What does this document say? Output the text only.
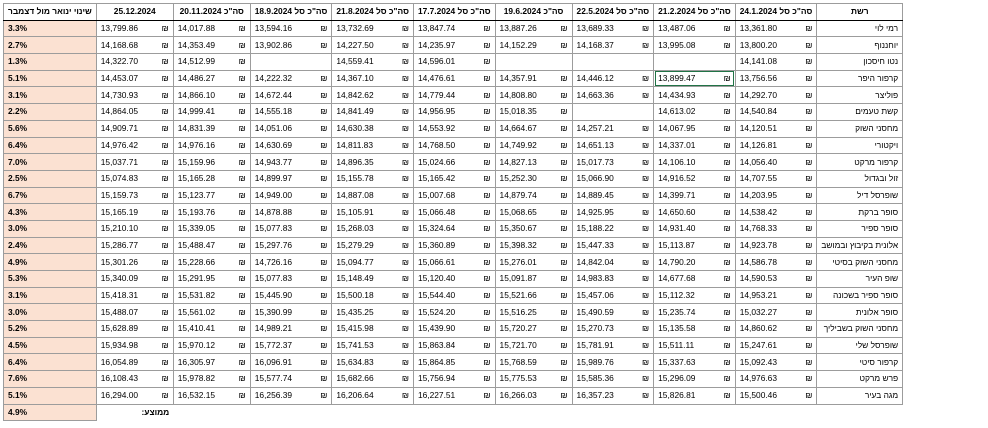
שינוי ינואר מול דצמבר	25.12.2024	סה"כ 20.11.2024	סה"כ סל 18.9.2024	סה"כ סל 21.8.2024	סה"כ סל 17.7.2024	סה"כ 19.6.2024	סה"כ סל 22.5.2024	סה"כ סל 21.2.2024	סה"כ סל 24.1.2024	רשת
3.3%	13,799.86 ₪	14,017.88 ₪	13,594.16 ₪	13,732.69 ₪	13,847.74 ₪	13,887.26 ₪	13,689.33 ₪	13,487.06 ₪	13,361.80 ₪	רמי לוי
2.7%	14,168.68 ₪	14,353.49 ₪	13,902.86 ₪	14,227.50 ₪	14,235.97 ₪	14,152.29 ₪	14,168.37 ₪	13,995.08 ₪	13,800.20 ₪	יוחננוף
1.3%	14,322.70 ₪	14,512.99 ₪		14,559.41 ₪	14,596.01 ₪				14,141.08 ₪	נטו חיסכון
5.1%	14,453.07 ₪	14,486.27 ₪	14,222.32 ₪	14,367.10 ₪	14,476.61 ₪	14,357.91 ₪	14,446.12 ₪	13,899.47 ₪	13,756.56 ₪	קרפור היפר
3.1%	14,730.93 ₪	14,866.10 ₪	14,672.44 ₪	14,842.62 ₪	14,779.44 ₪	14,808.80 ₪	14,663.36 ₪	14,434.93 ₪	14,292.70 ₪	פוליצר
2.2%	14,864.05 ₪	14,999.41 ₪	14,555.18 ₪	14,841.49 ₪	14,956.95 ₪	15,018.35 ₪		14,613.02 ₪	14,540.84 ₪	קשת טעמים
5.6%	14,909.71 ₪	14,831.39 ₪	14,051.06 ₪	14,630.38 ₪	14,553.92 ₪	14,664.67 ₪	14,257.21 ₪	14,067.95 ₪	14,120.51 ₪	מחסני השוק
6.4%	14,976.42 ₪	14,976.16 ₪	14,630.69 ₪	14,811.83 ₪	14,768.50 ₪	14,749.92 ₪	14,651.13 ₪	14,337.01 ₪	14,126.81 ₪	ויקטורי
7.0%	15,037.71 ₪	15,159.96 ₪	14,943.77 ₪	14,896.35 ₪	15,024.66 ₪	14,827.13 ₪	15,017.73 ₪	14,106.10 ₪	14,056.40 ₪	קרפור מרקט
2.5%	15,074.83 ₪	15,165.28 ₪	14,899.97 ₪	15,155.78 ₪	15,165.42 ₪	15,252.30 ₪	15,066.90 ₪	14,916.52 ₪	14,707.55 ₪	זול ובגדול
6.7%	15,159.73 ₪	15,123.77 ₪	14,949.00 ₪	14,887.08 ₪	15,007.68 ₪	14,879.74 ₪	14,889.45 ₪	14,399.71 ₪	14,203.95 ₪	שופרסל דיל
4.3%	15,165.19 ₪	15,193.76 ₪	14,878.88 ₪	15,105.91 ₪	15,066.48 ₪	15,068.65 ₪	14,925.95 ₪	14,650.60 ₪	14,538.42 ₪	סופר ברקת
3.0%	15,210.10 ₪	15,339.05 ₪	15,077.83 ₪	15,268.03 ₪	15,324.64 ₪	15,350.67 ₪	15,188.22 ₪	14,931.40 ₪	14,768.33 ₪	סופר ספיר
2.4%	15,286.77 ₪	15,488.47 ₪	15,297.76 ₪	15,279.29 ₪	15,360.89 ₪	15,398.32 ₪	15,447.33 ₪	15,113.87 ₪	14,923.78 ₪	אלונית בקיבוץ ובמושב
4.9%	15,301.26 ₪	15,228.66 ₪	14,726.16 ₪	15,094.77 ₪	15,066.61 ₪	15,276.01 ₪	14,842.04 ₪	14,790.20 ₪	14,586.78 ₪	מחסני השוק בסיטי
5.3%	15,340.09 ₪	15,291.95 ₪	15,077.83 ₪	15,148.49 ₪	15,120.40 ₪	15,091.87 ₪	14,983.83 ₪	14,677.68 ₪	14,590.53 ₪	שופ העיר
3.1%	15,418.31 ₪	15,531.82 ₪	15,445.90 ₪	15,500.18 ₪	15,544.40 ₪	15,521.66 ₪	15,457.06 ₪	15,112.32 ₪	14,953.21 ₪	סופר ספיר בשכונה
3.0%	15,488.07 ₪	15,561.02 ₪	15,390.99 ₪	15,435.25 ₪	15,524.20 ₪	15,516.25 ₪	15,490.59 ₪	15,235.74 ₪	15,032.27 ₪	סופר אלונית
5.2%	15,628.89 ₪	15,410.41 ₪	14,989.21 ₪	15,415.98 ₪	15,439.90 ₪	15,720.27 ₪	15,270.73 ₪	15,135.58 ₪	14,860.62 ₪	מחסני השוק בשביליך
4.5%	15,934.98 ₪	15,970.12 ₪	15,772.37 ₪	15,741.53 ₪	15,863.84 ₪	15,721.70 ₪	15,781.91 ₪	15,511.11 ₪	15,247.61 ₪	שופרסל שלי
6.4%	16,054.89 ₪	16,305.97 ₪	16,096.91 ₪	15,634.83 ₪	15,864.85 ₪	15,768.59 ₪	15,989.76 ₪	15,337.63 ₪	15,092.43 ₪	קרפור סיטי
7.6%	16,108.43 ₪	15,978.82 ₪	15,577.74 ₪	15,682.66 ₪	15,756.94 ₪	15,775.53 ₪	15,585.36 ₪	15,296.09 ₪	14,976.63 ₪	פרש מרקט
5.1%	16,294.00 ₪	16,532.15 ₪	16,256.39 ₪	16,206.64 ₪	16,227.51 ₪	16,266.03 ₪	16,357.23 ₪	15,826.81 ₪	15,500.46 ₪	מגה בעיר
4.9%	ממוצע:									
